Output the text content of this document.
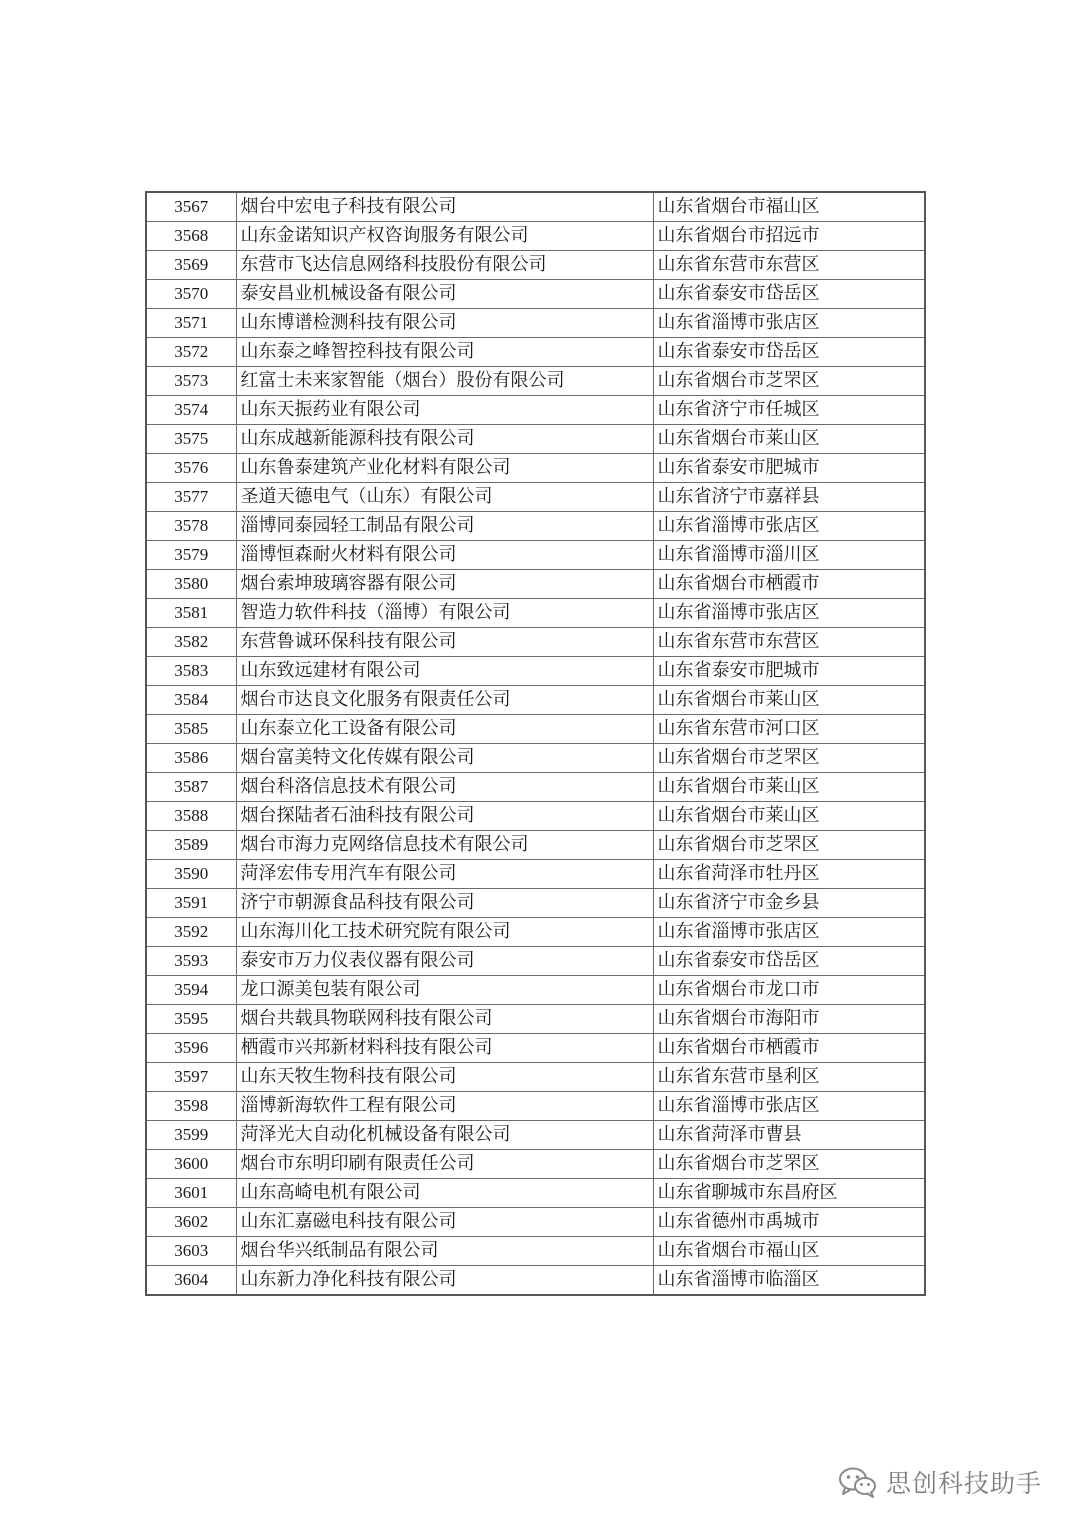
3567	烟台中宏电子科技有限公司	山东省烟台市福山区
3568	山东金诺知识产权咨询服务有限公司	山东省烟台市招远市
3569	东营市飞达信息网络科技股份有限公司	山东省东营市东营区
3570	泰安昌业机械设备有限公司	山东省泰安市岱岳区
3571	山东博谱检测科技有限公司	山东省淄博市张店区
3572	山东泰之峰智控科技有限公司	山东省泰安市岱岳区
3573	红富士未来家智能（烟台）股份有限公司	山东省烟台市芝罘区
3574	山东天振药业有限公司	山东省济宁市任城区
3575	山东成越新能源科技有限公司	山东省烟台市莱山区
3576	山东鲁泰建筑产业化材料有限公司	山东省泰安市肥城市
3577	圣道天德电气（山东）有限公司	山东省济宁市嘉祥县
3578	淄博同泰园轻工制品有限公司	山东省淄博市张店区
3579	淄博恒森耐火材料有限公司	山东省淄博市淄川区
3580	烟台索坤玻璃容器有限公司	山东省烟台市栖霞市
3581	智造力软件科技（淄博）有限公司	山东省淄博市张店区
3582	东营鲁诚环保科技有限公司	山东省东营市东营区
3583	山东致远建材有限公司	山东省泰安市肥城市
3584	烟台市达良文化服务有限责任公司	山东省烟台市莱山区
3585	山东泰立化工设备有限公司	山东省东营市河口区
3586	烟台富美特文化传媒有限公司	山东省烟台市芝罘区
3587	烟台科洛信息技术有限公司	山东省烟台市莱山区
3588	烟台探陆者石油科技有限公司	山东省烟台市莱山区
3589	烟台市海力克网络信息技术有限公司	山东省烟台市芝罘区
3590	菏泽宏伟专用汽车有限公司	山东省菏泽市牡丹区
3591	济宁市朝源食品科技有限公司	山东省济宁市金乡县
3592	山东海川化工技术研究院有限公司	山东省淄博市张店区
3593	泰安市万力仪表仪器有限公司	山东省泰安市岱岳区
3594	龙口源美包装有限公司	山东省烟台市龙口市
3595	烟台共载具物联网科技有限公司	山东省烟台市海阳市
3596	栖霞市兴邦新材料科技有限公司	山东省烟台市栖霞市
3597	山东天牧生物科技有限公司	山东省东营市垦利区
3598	淄博新海软件工程有限公司	山东省淄博市张店区
3599	菏泽光大自动化机械设备有限公司	山东省菏泽市曹县
3600	烟台市东明印刷有限责任公司	山东省烟台市芝罘区
3601	山东高崎电机有限公司	山东省聊城市东昌府区
3602	山东汇嘉磁电科技有限公司	山东省德州市禹城市
3603	烟台华兴纸制品有限公司	山东省烟台市福山区
3604	山东新力净化科技有限公司	山东省淄博市临淄区
思创科技助手
